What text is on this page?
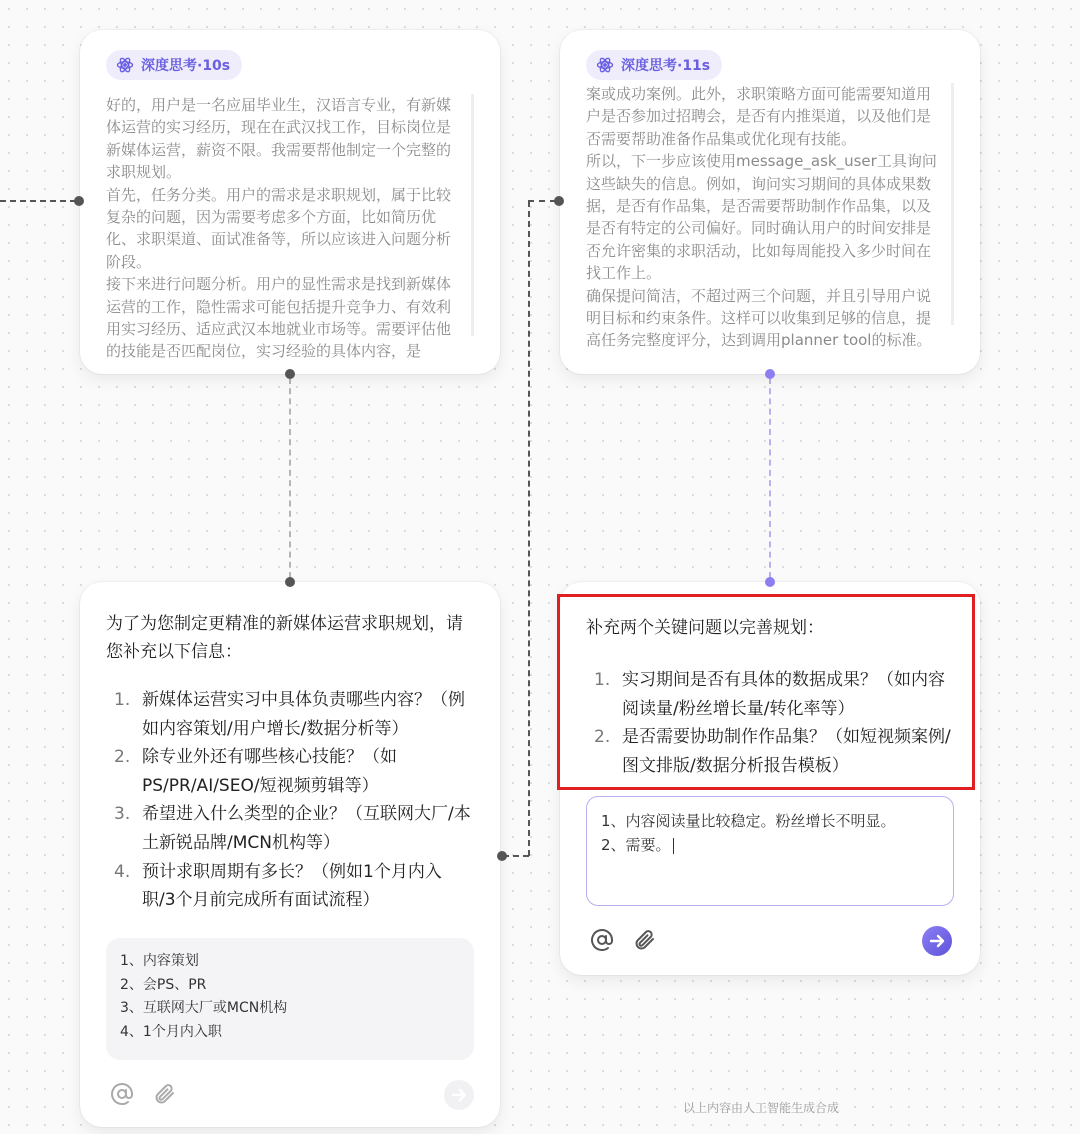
深度思考·10s

好的，用户是一名应届毕业生，汉语言专业，有新媒体运营的实习经历，现在在武汉找工作，目标岗位是新媒体运营，薪资不限。我需要帮他制定一个完整的求职规划。

首先，任务分类。用户的需求是求职规划，属于比较复杂的问题，因为需要考虑多个方面，比如简历优化、求职渠道、面试准备等，所以应该进入问题分析阶段。

接下来进行问题分析。用户的显性需求是找到新媒体运营的工作，隐性需求可能包括提升竞争力、有效利用实习经历、适应武汉本地就业市场等。需要评估他的技能是否匹配岗位，实习经验的具体内容，是

深度思考·11s

案或成功案例。此外，求职策略方面可能需要知道用户是否参加过招聘会，是否有内推渠道，以及他们是否需要帮助准备作品集或优化现有技能。

所以，下一步应该使用message_ask_user工具询问这些缺失的信息。例如，询问实习期间的具体成果数据，是否有作品集，是否需要帮助制作作品集，以及是否有特定的公司偏好。同时确认用户的时间安排是否允许密集的求职活动，比如每周能投入多少时间在找工作上。

确保提问简洁，不超过两三个问题，并且引导用户说明目标和约束条件。这样可以收集到足够的信息，提高任务完整度评分，达到调用planner tool的标准。

为了为您制定更精准的新媒体运营求职规划，请您补充以下信息：

1. 新媒体运营实习中具体负责哪些内容？（例如内容策划/用户增长/数据分析等）
2. 除专业外还有哪些核心技能？（如PS/PR/AI/SEO/短视频剪辑等）
3. 希望进入什么类型的企业？（互联网大厂/本土新锐品牌/MCN机构等）
4. 预计求职周期有多长？（例如1个月内入职/3个月前完成所有面试流程）
1、内容策划
2、会PS、PR
3、互联网大厂或MCN机构
4、1个月内入职

补充两个关键问题以完善规划：

1. 实习期间是否有具体的数据成果？（如内容阅读量/粉丝增长量/转化率等）
2. 是否需要协助制作作品集？（如短视频案例/图文排版/数据分析报告模板）
1、内容阅读量比较稳定。粉丝增长不明显。
2、需要。
以上内容由人工智能生成合成
